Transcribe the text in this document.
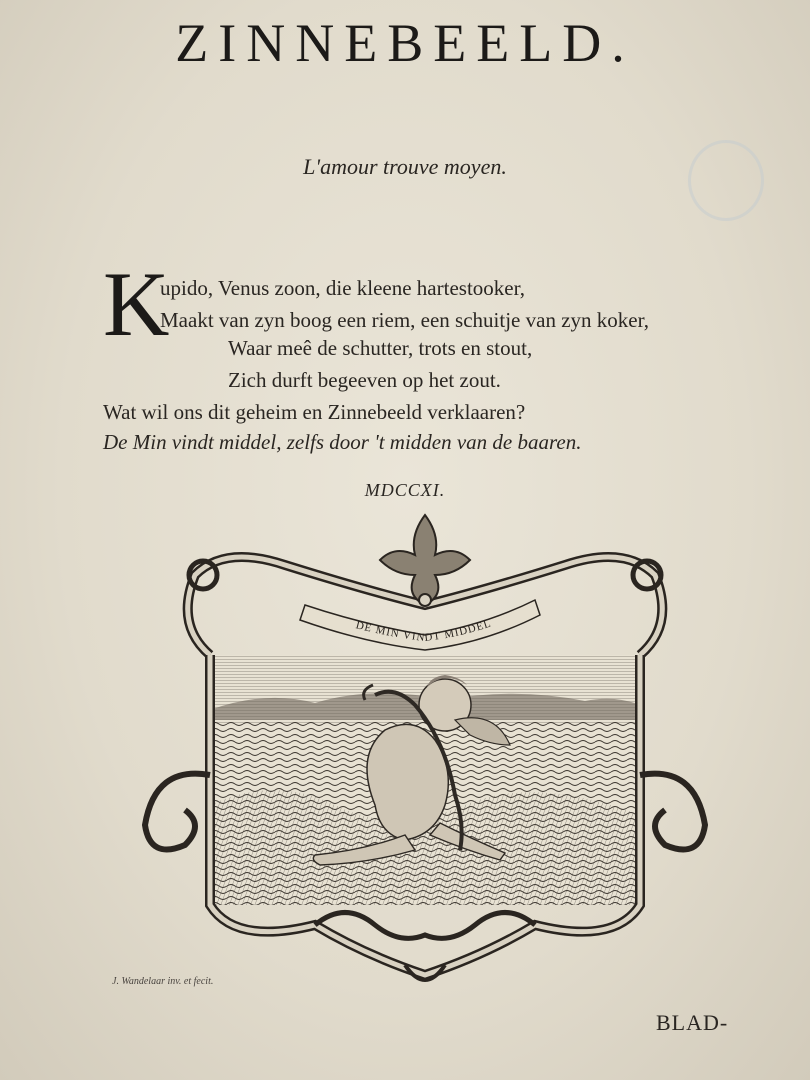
ZINNEBEELD.
L'amour trouve moyen.
K
upido, Venus zoon, die kleene hartestooker,
Maakt van zyn boog een riem, een schuitje van zyn koker,
Waar meê de schutter, trots en stout,
Zich durft begeeven op het zout.
Wat wil ons dit geheim en Zinnebeeld verklaaren?
De Min vindt middel, zelfs door 't midden van de baaren.
MDCCXI.
DE MIN VINDT MIDDEL
J. Wandelaar inv. et fecit.
BLAD-
